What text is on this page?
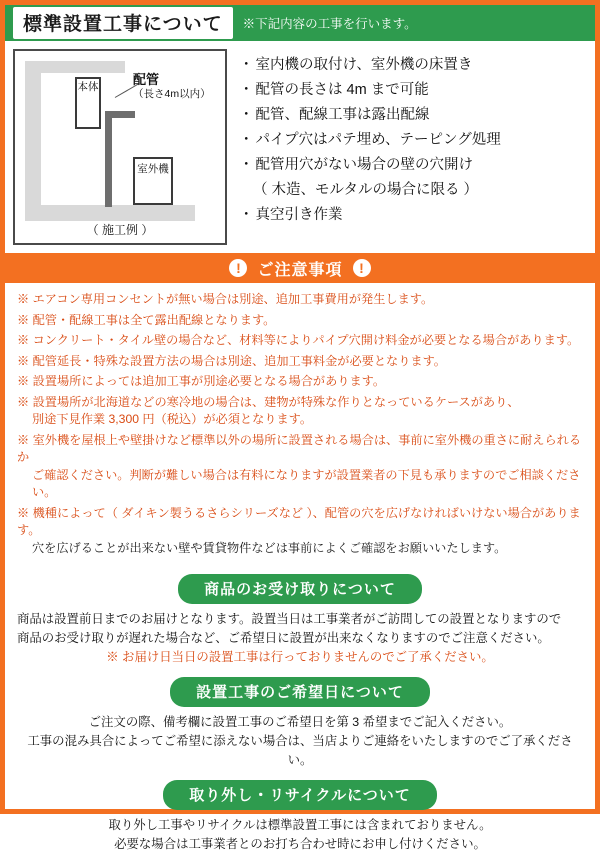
標準設置工事について	※下記内容の工事を行います。
本体
室外機
配管
（長さ4m以内）
（ 施工例 ）
・ 室内機の取付け、室外機の床置き
・ 配管の長さは 4m まで可能
・ 配管、配線工事は露出配線
・ パイプ穴はパテ埋め、テーピング処理
・ 配管用穴がない場合の壁の穴開け
（ 木造、モルタルの場合に限る ）
・ 真空引き作業
!	ご注意事項	!
※ エアコン専用コンセントが無い場合は別途、追加工事費用が発生します。
※ 配管・配線工事は全て露出配線となります。
※ コンクリート・タイル壁の場合など、材料等によりパイプ穴開け料金が必要となる場合があります。
※ 配管延長・特殊な設置方法の場合は別途、追加工事料金が必要となります。
※ 設置場所によっては追加工事が別途必要となる場合があります。
※ 設置場所が北海道などの寒冷地の場合は、建物が特殊な作りとなっているケースがあり、
別途下見作業 3,300 円（税込）が必須となります。
※ 室外機を屋根上や壁掛けなど標準以外の場所に設置される場合は、事前に室外機の重さに耐えられるか
ご確認ください。判断が難しい場合は有料になりますが設置業者の下見も承りますのでご相談ください。
※ 機種によって（ ダイキン製うるさらシリーズなど ）、配管の穴を広げなければいけない場合があります。
穴を広げることが出来ない壁や賃貸物件などは事前によくご確認をお願いいたします。
商品のお受け取りについて
商品は設置前日までのお届けとなります。設置当日は工事業者がご訪問しての設置となりますので
商品のお受け取りが遅れた場合など、ご希望日に設置が出来なくなりますのでご注意ください。
※ お届け日当日の設置工事は行っておりませんのでご了承ください。
設置工事のご希望日について
ご注文の際、備考欄に設置工事のご希望日を第 3 希望までご記入ください。
工事の混み具合によってご希望に添えない場合は、当店よりご連絡をいたしますのでご了承ください。
取り外し・リサイクルについて
取り外し工事やリサイクルは標準設置工事には含まれておりません。
必要な場合は工事業者とのお打ち合わせ時にお申し付けください。
